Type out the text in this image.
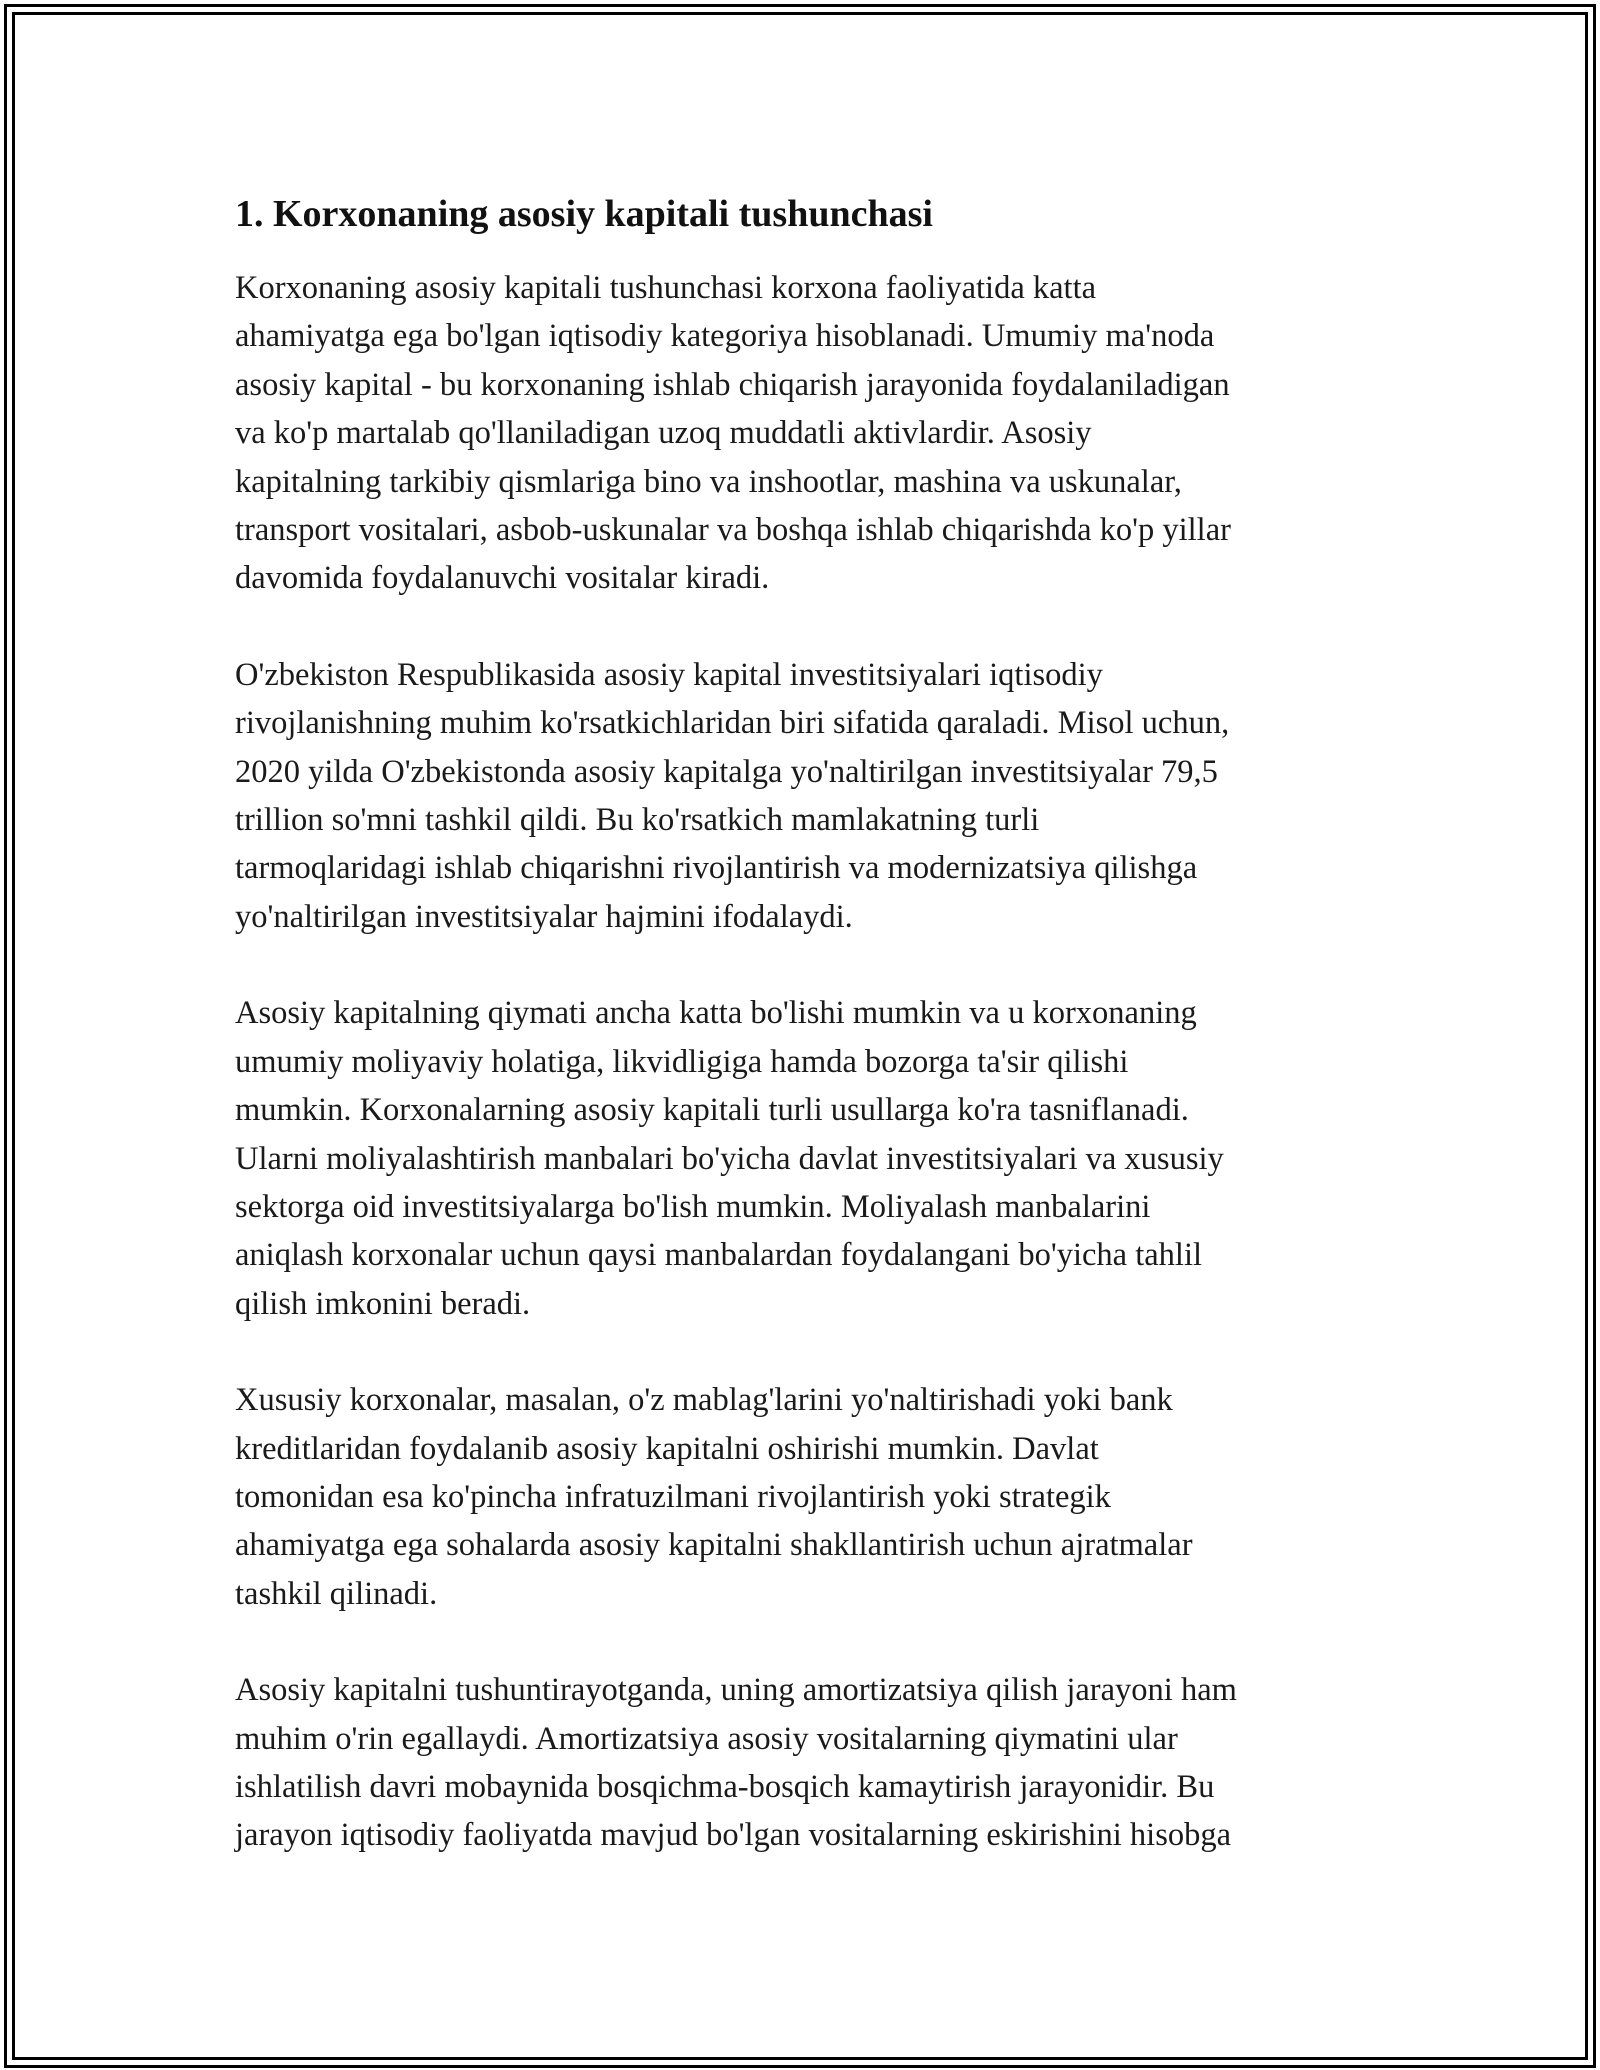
1. Korxonaning asosiy kapitali tushunchasi

Korxonaning asosiy kapitali tushunchasi korxona faoliyatida katta
ahamiyatga ega bo'lgan iqtisodiy kategoriya hisoblanadi. Umumiy ma'noda
asosiy kapital - bu korxonaning ishlab chiqarish jarayonida foydalaniladigan
va ko'p martalab qo'llaniladigan uzoq muddatli aktivlardir. Asosiy
kapitalning tarkibiy qismlariga bino va inshootlar, mashina va uskunalar,
transport vositalari, asbob-uskunalar va boshqa ishlab chiqarishda ko'p yillar
davomida foydalanuvchi vositalar kiradi.

O'zbekiston Respublikasida asosiy kapital investitsiyalari iqtisodiy
rivojlanishning muhim ko'rsatkichlaridan biri sifatida qaraladi. Misol uchun,
2020 yilda O'zbekistonda asosiy kapitalga yo'naltirilgan investitsiyalar 79,5
trillion so'mni tashkil qildi. Bu ko'rsatkich mamlakatning turli
tarmoqlaridagi ishlab chiqarishni rivojlantirish va modernizatsiya qilishga
yo'naltirilgan investitsiyalar hajmini ifodalaydi.

Asosiy kapitalning qiymati ancha katta bo'lishi mumkin va u korxonaning
umumiy moliyaviy holatiga, likvidligiga hamda bozorga ta'sir qilishi
mumkin. Korxonalarning asosiy kapitali turli usullarga ko'ra tasniflanadi.
Ularni moliyalashtirish manbalari bo'yicha davlat investitsiyalari va xususiy
sektorga oid investitsiyalarga bo'lish mumkin. Moliyalash manbalarini
aniqlash korxonalar uchun qaysi manbalardan foydalangani bo'yicha tahlil
qilish imkonini beradi.

Xususiy korxonalar, masalan, o'z mablag'larini yo'naltirishadi yoki bank
kreditlaridan foydalanib asosiy kapitalni oshirishi mumkin. Davlat
tomonidan esa ko'pincha infratuzilmani rivojlantirish yoki strategik
ahamiyatga ega sohalarda asosiy kapitalni shakllantirish uchun ajratmalar
tashkil qilinadi.

Asosiy kapitalni tushuntirayotganda, uning amortizatsiya qilish jarayoni ham
muhim o'rin egallaydi. Amortizatsiya asosiy vositalarning qiymatini ular
ishlatilish davri mobaynida bosqichma-bosqich kamaytirish jarayonidir. Bu
jarayon iqtisodiy faoliyatda mavjud bo'lgan vositalarning eskirishini hisobga
